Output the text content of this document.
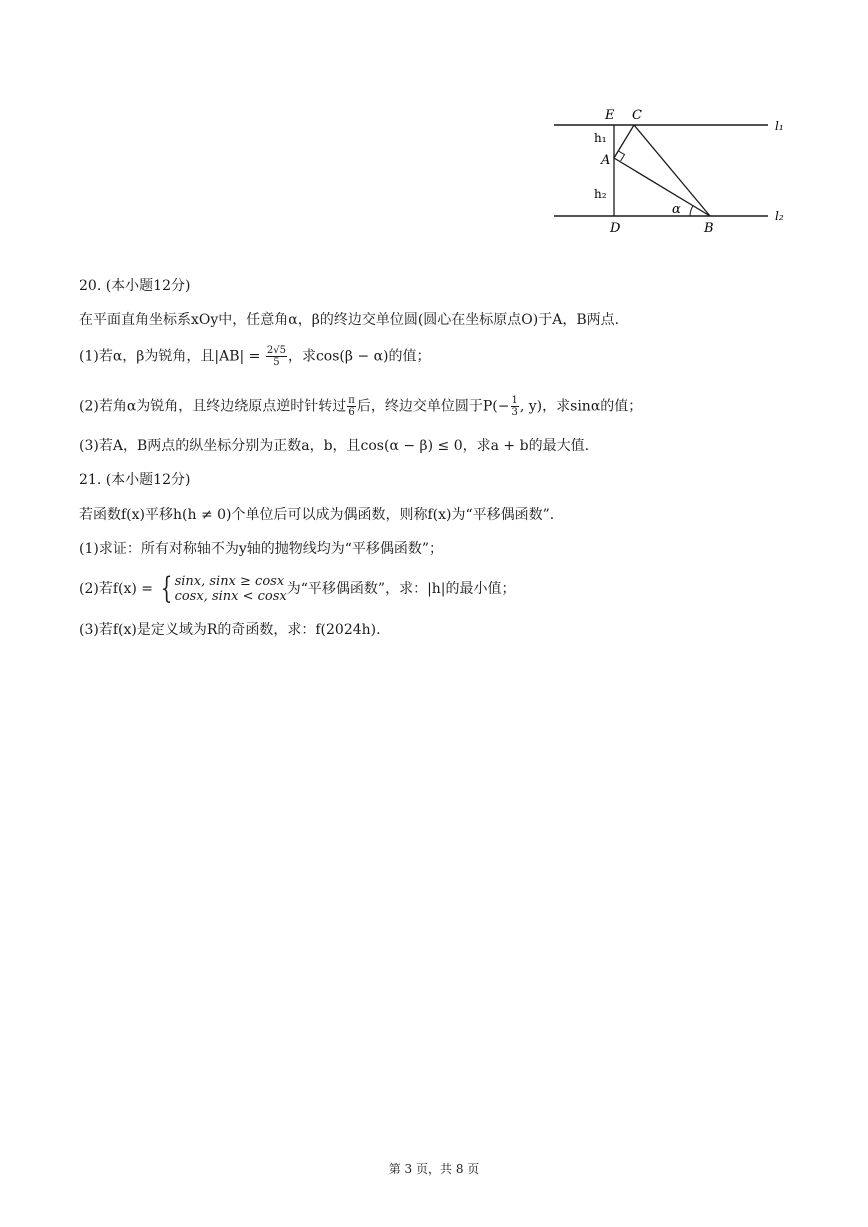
E C
A
D	B
h₁
h₂
α
l₁
l₂
20. (本小题12分)
在平面直角坐标系xOy中，任意角α，β的终边交单位圆(圆心在坐标原点O)于A，B两点.
(1)若α，β为锐角，且$|AB| = \frac{2√5}{5}$ ，求cos(β − α)的值；
(2)若角α为锐角，且终边绕原点逆时针转过 $\frac{\pi}{6}$ 后，终边交单位圆于$P(- \frac{1}{3}$ , y)，求sinα的值；
(3)若A，B两点的纵坐标分别为正数a，b，且cos(α − β) ≤ 0，求a + b的最大值.
21. (本小题12分)
若函数f(x)平移h(h ≠ 0)个单位后可以成为偶函数，则称f(x)为“平移偶函数”.
(1)求证：所有对称轴不为y轴的抛物线均为“平移偶函数”；
(2)若f(x) = { sinx, sinx ≥ cosx
cosx, sinx < cosx 为“平移偶函数”，求：|h|的最小值；
(3)若f(x)是定义域为R的奇函数，求：f(2024h).
第 3 页，共 8 页
